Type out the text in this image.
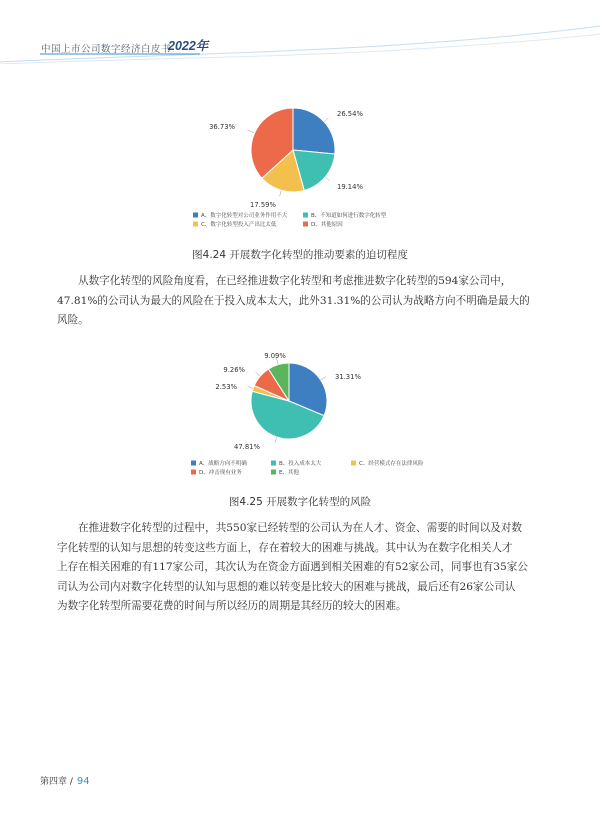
中国上市公司数字经济白皮书
2022年
26.54%
19.14%
17.59%
36.73%
A、数字化转型对公司业务作用不大	B、不知道如何进行数字化转型
C、数字化转型投入产出比太低	D、其他原因
图4.24 开展数字化转型的推动要素的迫切程度

从数字化转型的风险角度看，在已经推进数字化转型和考虑推进数字化转型的594家公司中，
47.81%的公司认为最大的风险在于投入成本太大，此外31.31%的公司认为战略方向不明确是最大的
风险。

31.31%
47.81%
2.53%
9.26%
9.09%
A、战略方向不明确	B、投入成本太大	C、经营模式存在法律风险
D、冲击现有业务	E、其他
图4.25 开展数字化转型的风险

在推进数字化转型的过程中，共550家已经转型的公司认为在人才、资金、需要的时间以及对数
字化转型的认知与思想的转变这些方面上，存在着较大的困难与挑战。其中认为在数字化相关人才
上存在相关困难的有117家公司，其次认为在资金方面遇到相关困难的有52家公司，同事也有35家公
司认为公司内对数字化转型的认知与思想的难以转变是比较大的困难与挑战，最后还有26家公司认
为数字化转型所需要花费的时间与所以经历的周期是其经历的较大的困难。

第四章 / 94
